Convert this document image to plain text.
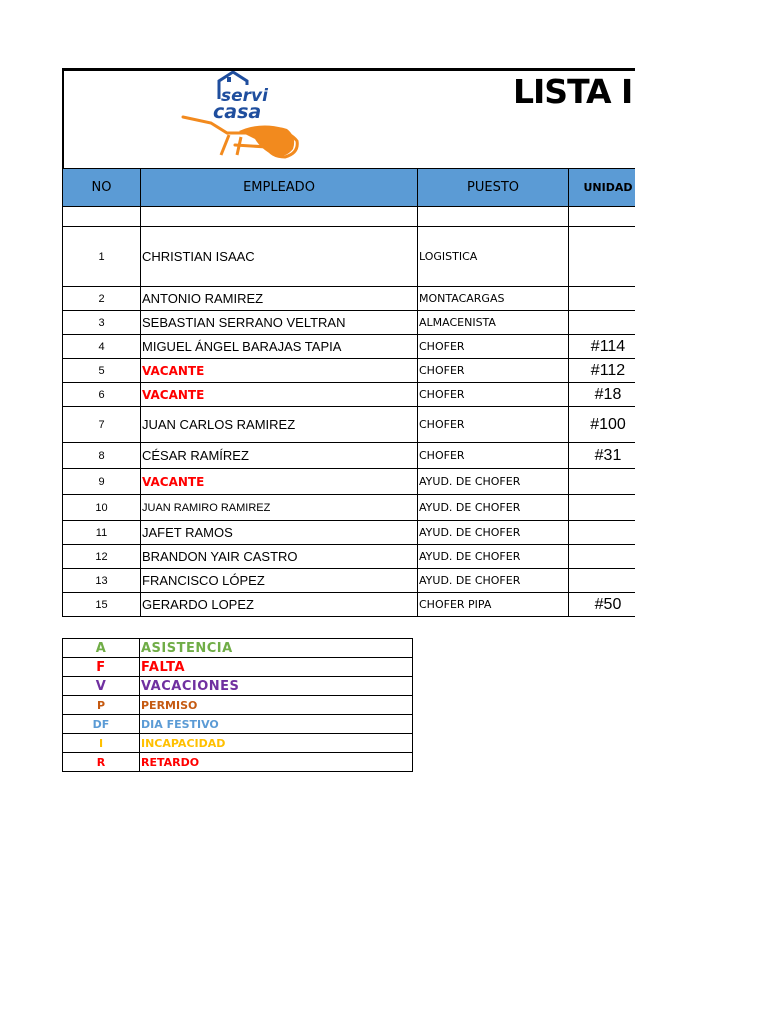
servi
casa
LISTA I
NO	EMPLEADO	PUESTO	UNIDAD

1	CHRISTIAN ISAAC	LOGISTICA	
2	ANTONIO RAMIREZ	MONTACARGAS	
3	SEBASTIAN SERRANO VELTRAN	ALMACENISTA	
4	MIGUEL ÁNGEL BARAJAS TAPIA	CHOFER	#114
5	VACANTE	CHOFER	#112
6	VACANTE	CHOFER	#18
7	JUAN CARLOS RAMIREZ	CHOFER	#100
8	CÉSAR RAMÍREZ	CHOFER	#31
9	VACANTE	AYUD. DE CHOFER	
10	JUAN RAMIRO RAMIREZ	AYUD. DE CHOFER	
11	JAFET RAMOS	AYUD. DE CHOFER	
12	BRANDON YAIR CASTRO	AYUD. DE CHOFER	
13	FRANCISCO LÓPEZ	AYUD. DE CHOFER	
15	GERARDO LOPEZ	CHOFER PIPA	#50
A	ASISTENCIA
F	FALTA
V	VACACIONES
P	PERMISO
DF	DIA FESTIVO
I	INCAPACIDAD
R	RETARDO
